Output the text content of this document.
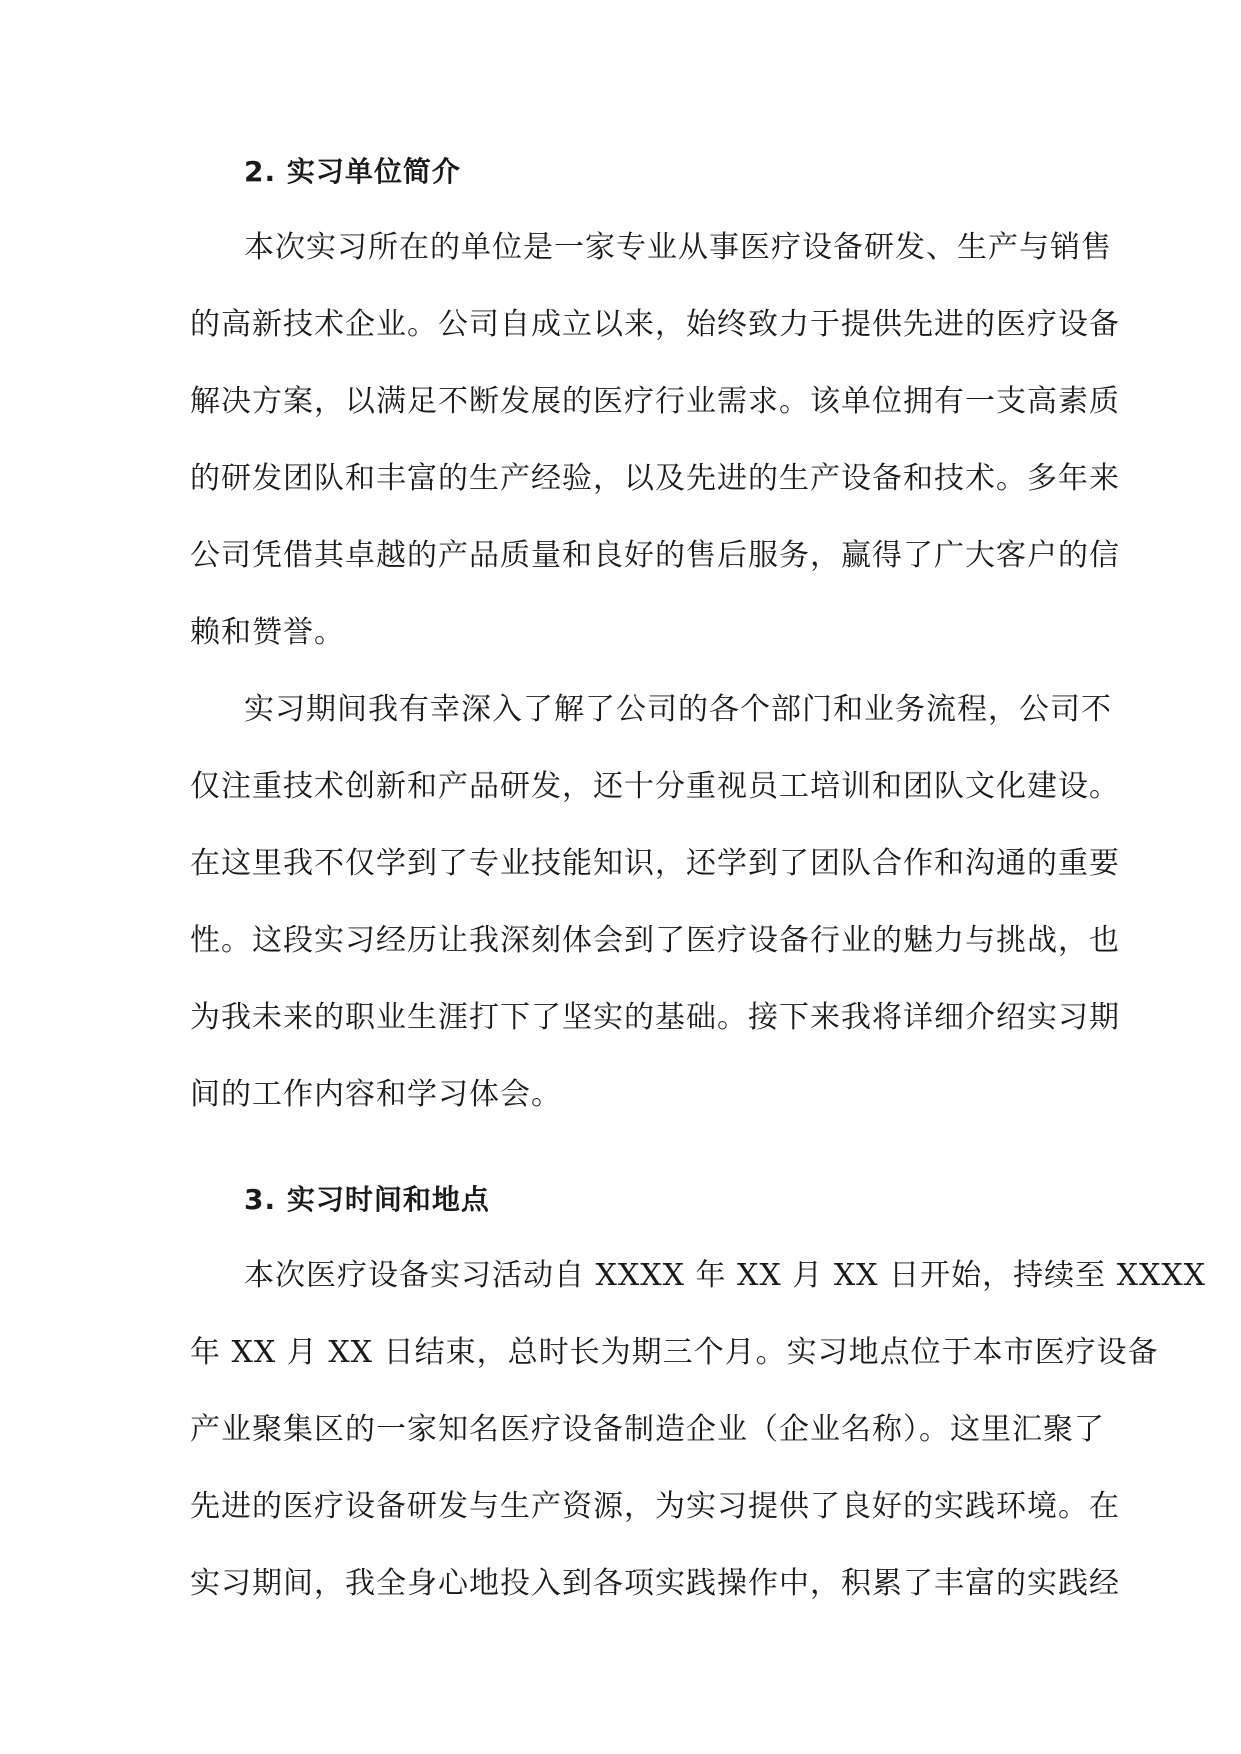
2. 实习单位简介
本次实习所在的单位是一家专业从事医疗设备研发、生产与销售
的高新技术企业。公司自成立以来，始终致力于提供先进的医疗设备
解决方案，以满足不断发展的医疗行业需求。该单位拥有一支高素质
的研发团队和丰富的生产经验，以及先进的生产设备和技术。多年来
公司凭借其卓越的产品质量和良好的售后服务，赢得了广大客户的信
赖和赞誉。
实习期间我有幸深入了解了公司的各个部门和业务流程，公司不
仅注重技术创新和产品研发，还十分重视员工培训和团队文化建设。
在这里我不仅学到了专业技能知识，还学到了团队合作和沟通的重要
性。这段实习经历让我深刻体会到了医疗设备行业的魅力与挑战，也
为我未来的职业生涯打下了坚实的基础。接下来我将详细介绍实习期
间的工作内容和学习体会。
3. 实习时间和地点
本次医疗设备实习活动自 XXXX 年 XX 月 XX 日开始，持续至 XXXX
年 XX 月 XX 日结束，总时长为期三个月。实习地点位于本市医疗设备
产业聚集区的一家知名医疗设备制造企业（企业名称）。这里汇聚了
先进的医疗设备研发与生产资源，为实习提供了良好的实践环境。在
实习期间，我全身心地投入到各项实践操作中，积累了丰富的实践经
